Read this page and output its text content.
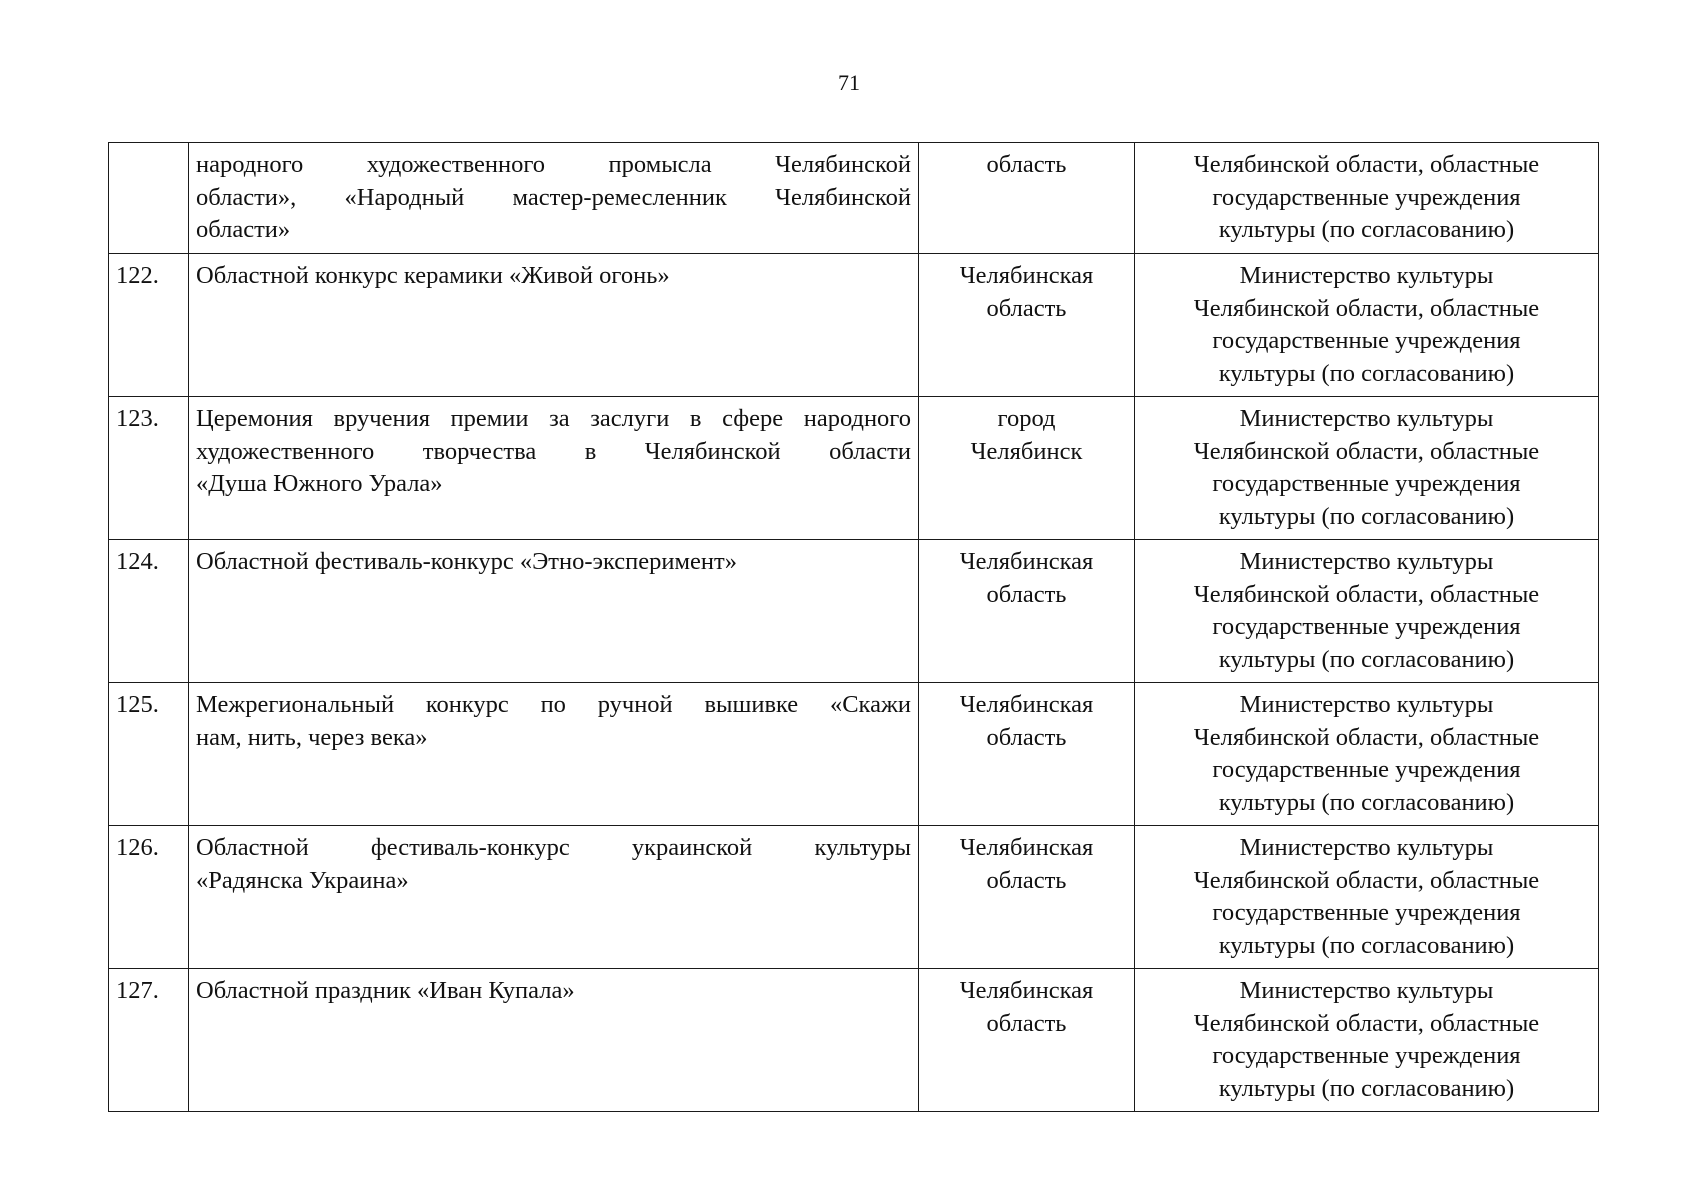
71

	народного художественного промысла Челябинской
области», «Народный мастер-ремесленник Челябинской
области»	область	Челябинской области, областные
государственные учреждения
культуры (по согласованию)

122.	Областной конкурс керамики «Живой огонь»	Челябинская
область	Министерство культуры
Челябинской области, областные
государственные учреждения
культуры (по согласованию)

123.	Церемония вручения премии за заслуги в сфере народного
художественного творчества в Челябинской области
«Душа Южного Урала»	город
Челябинск	Министерство культуры
Челябинской области, областные
государственные учреждения
культуры (по согласованию)

124.	Областной фестиваль-конкурс «Этно-эксперимент»	Челябинская
область	Министерство культуры
Челябинской области, областные
государственные учреждения
культуры (по согласованию)

125.	Межрегиональный конкурс по ручной вышивке «Скажи
нам, нить, через века»	Челябинская
область	Министерство культуры
Челябинской области, областные
государственные учреждения
культуры (по согласованию)

126.	Областной фестиваль-конкурс украинской культуры
«Радянска Украина»	Челябинская
область	Министерство культуры
Челябинской области, областные
государственные учреждения
культуры (по согласованию)

127.	Областной праздник «Иван Купала»	Челябинская
область	Министерство культуры
Челябинской области, областные
государственные учреждения
культуры (по согласованию)
